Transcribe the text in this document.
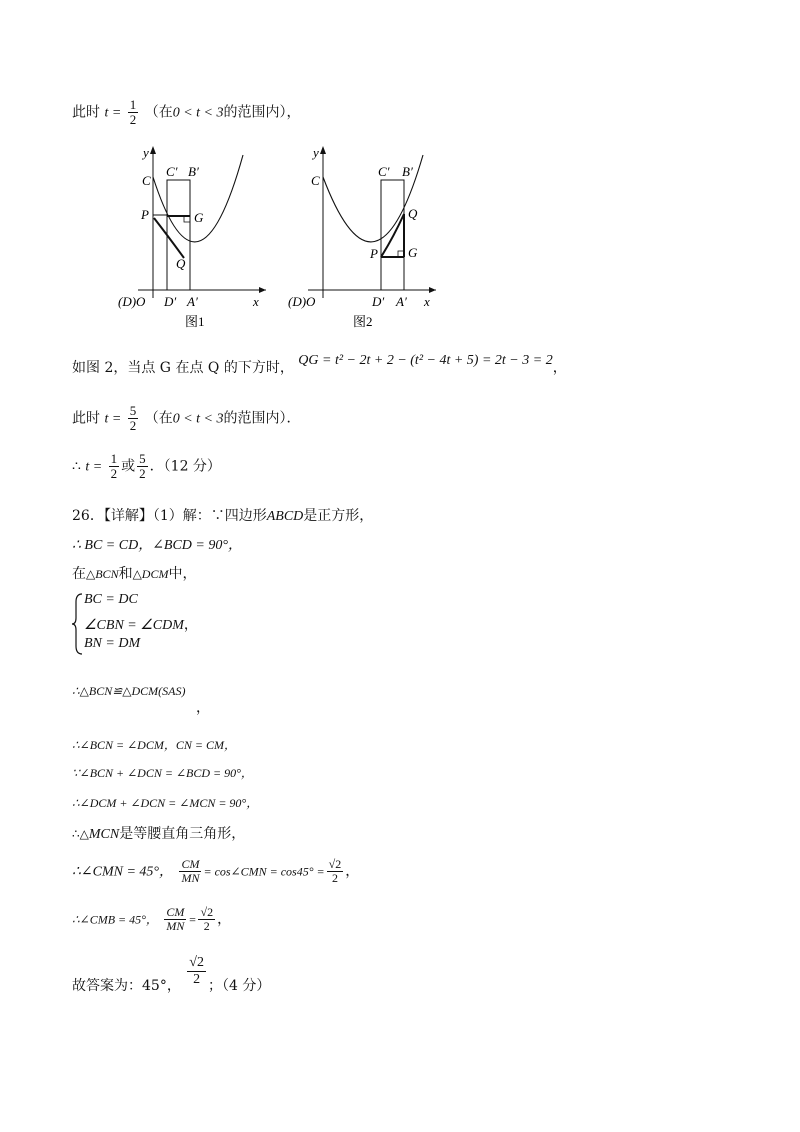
此时 $t = \frac{1}{2}$ （在0 < t < 3的范围内），
y
C
C′ B′
P	G
Q
(D)O D′ A′	x
图1
y
C
C′ B′
P G
Q
(D)O	D′ A′ x
图2
如图 2，当点 G 在点 Q 的下方时， QG = t² − 2t + 2 − (t² − 4t + 5) = 2t − 3 = 2，
此时 $t = \frac{5}{2}$ （在0 < t < 3的范围内）．
∴ $t = \frac{1}{2}$ 或 $\frac{5}{2}$ ．（12 分）
26．【详解】（1）解：∵四边形ABCD是正方形，
∴ BC = CD，∠BCD = 90°，
在△BCN和△DCM中，
BC = DC
∠CBN = ∠CDM，
BN = DM
∴△BCN≌△DCM(SAS)
，
∴∠BCN = ∠DCM，CN = CM，
∵∠BCN + ∠DCN = ∠BCD = 90°，
∴∠DCM + ∠DCN = ∠MCN = 90°，
∴△MCN是等腰直角三角形，
∴∠CMN = 45°， $\frac{CM}{MN}$ = cos∠CMN = $\cos 45^\circ = \frac{√2}{2}$ ，
∴∠CMB = 45°， $\frac{CM}{MN} = \frac{√2}{2}$ ，
故答案为：45°， $\frac{√2}{2}$ ；（4 分）
